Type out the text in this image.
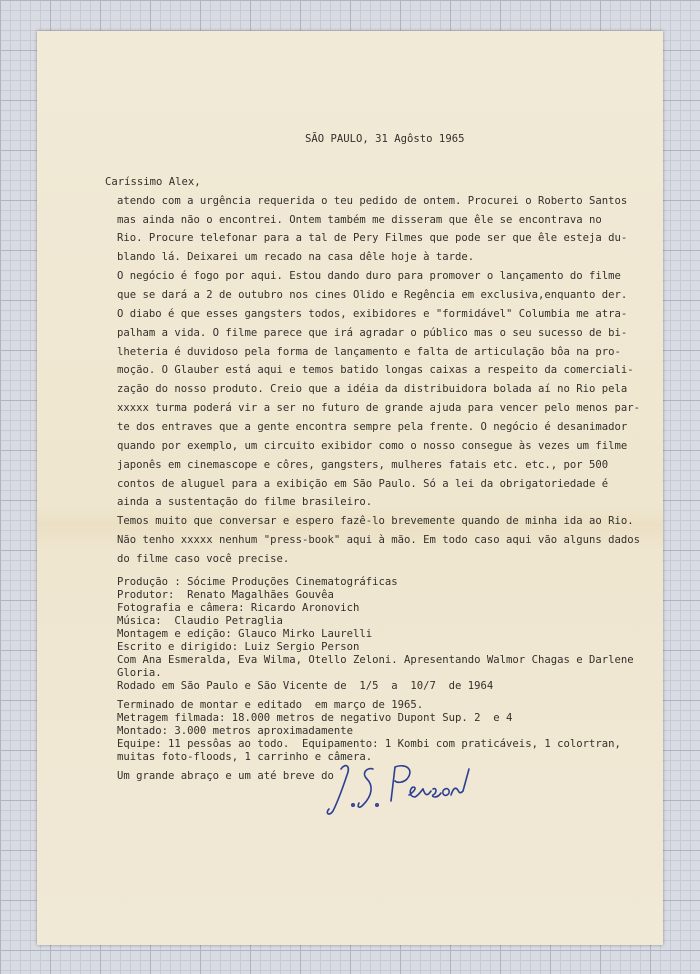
SÃO PAULO, 31 Agôsto 1965

Caríssimo Alex,

atendo com a urgência requerida o teu pedido de ontem. Procurei o Roberto Santos

mas ainda não o encontrei. Ontem também me disseram que êle se encontrava no

Rio. Procure telefonar para a tal de Pery Filmes que pode ser que êle esteja du-

blando lá. Deixarei um recado na casa dêle hoje à tarde.

O negócio é fogo por aqui. Estou dando duro para promover o lançamento do filme

que se dará a 2 de outubro nos cines Olido e Regência em exclusiva,enquanto der.

O diabo é que esses gangsters todos, exibidores e "formidável" Columbia me atra-

palham a vida. O filme parece que irá agradar o público mas o seu sucesso de bi-

lheteria é duvidoso pela forma de lançamento e falta de articulação bôa na pro-

moção. O Glauber está aqui e temos batido longas caixas a respeito da comerciali-

zação do nosso produto. Creio que a idéia da distribuidora bolada aí no Rio pela

xxxxx turma poderá vir a ser no futuro de grande ajuda para vencer pelo menos par-

te dos entraves que a gente encontra sempre pela frente. O negócio é desanimador

quando por exemplo, um circuito exibidor como o nosso consegue às vezes um filme

japonês em cinemascope e côres, gangsters, mulheres fatais etc. etc., por 500

contos de aluguel para a exibição em São Paulo. Só a lei da obrigatoriedade é

ainda a sustentação do filme brasileiro.

Temos muito que conversar e espero fazê-lo brevemente quando de minha ida ao Rio.

Não tenho xxxxx nenhum "press-book" aqui à mão. Em todo caso aqui vão alguns dados

do filme caso você precise.

Produção : Sócime Produções Cinematográficas

Produtor:  Renato Magalhães Gouvêa

Fotografia e câmera: Ricardo Aronovich

Música:  Claudio Petraglia

Montagem e edição: Glauco Mirko Laurelli

Escrito e dirigido: Luiz Sergio Person

Com Ana Esmeralda, Eva Wilma, Otello Zeloni. Apresentando Walmor Chagas e Darlene

Gloria.

Rodado em São Paulo e São Vicente de  1/5  a  10/7  de 1964

Terminado de montar e editado  em março de 1965.

Metragem filmada: 18.000 metros de negativo Dupont Sup. 2  e 4

Montado: 3.000 metros aproximadamente

Equipe: 11 pessôas ao todo.  Equipamento: 1 Kombi com praticáveis, 1 colortran,

muitas foto-floods, 1 carrinho e câmera.

Um grande abraço e um até breve do
